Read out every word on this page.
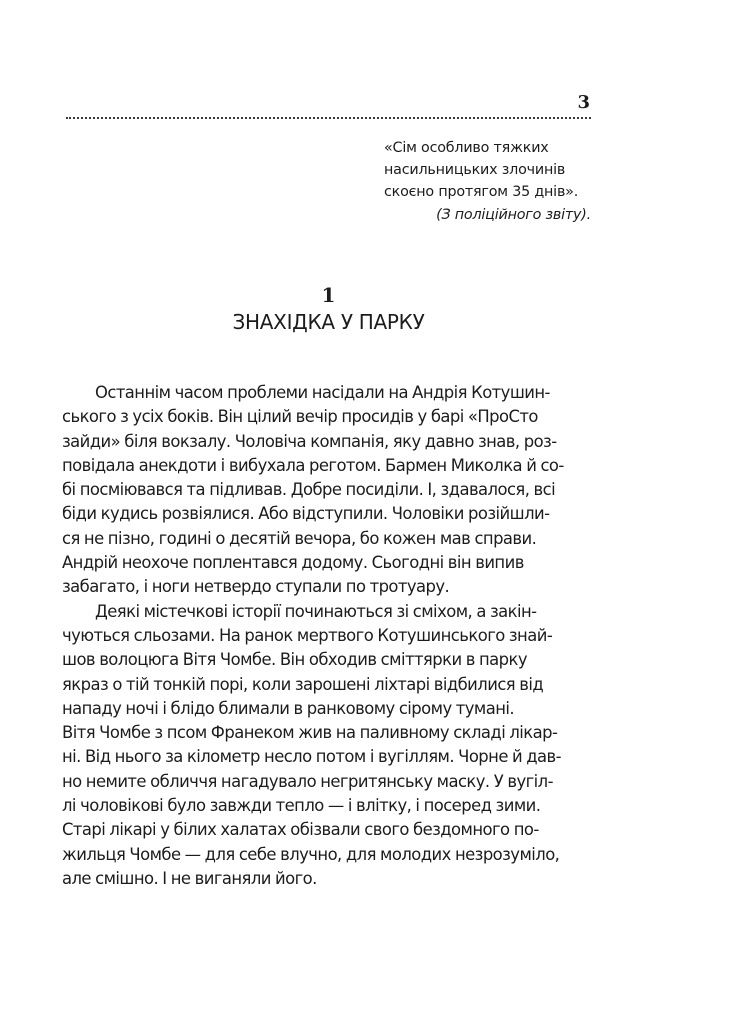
3
«Сім особливо тяжких
насильницьких злочинів
скоєно протягом 35 днів».
(З поліційного звіту).
1
ЗНАХІДКА У ПАРКУ

Останнім часом проблеми насідали на Андрія Котушин-
ського з усіх боків. Він цілий вечір просидів у барі «ПроСто
зайди» біля вокзалу. Чоловіча компанія, яку давно знав, роз-
повідала анекдоти і вибухала реготом. Бармен Миколка й со-
бі посміювався та підливав. Добре посиділи. І, здавалося, всі
біди кудись розвіялися. Або відступили. Чоловіки розійшли-
ся не пізно, годині о десятій вечора, бо кожен мав справи.
Андрій неохоче поплентався додому. Сьогодні він випив
забагато, і ноги нетвердо ступали по тротуару.

Деякі містечкові історії починаються зі сміхом, а закін-
чуються сльозами. На ранок мертвого Котушинського знай-
шов волоцюга Вітя Чомбе. Він обходив сміттярки в парку
якраз о тій тонкій порі, коли зарошені ліхтарі відбилися від
нападу ночі і блідо блимали в ранковому сірому тумані.
Вітя Чомбе з псом Франеком жив на паливному складі лікар-
ні. Від нього за кілометр несло потом і вугіллям. Чорне й дав-
но немите обличчя нагадувало негритянську маску. У вугіл-
лі чоловікові було завжди тепло — і влітку, і посеред зими.
Старі лікарі у білих халатах обізвали свого бездомного по-
жильця Чомбе — для себе влучно, для молодих незрозуміло,
але смішно. І не виганяли його.
